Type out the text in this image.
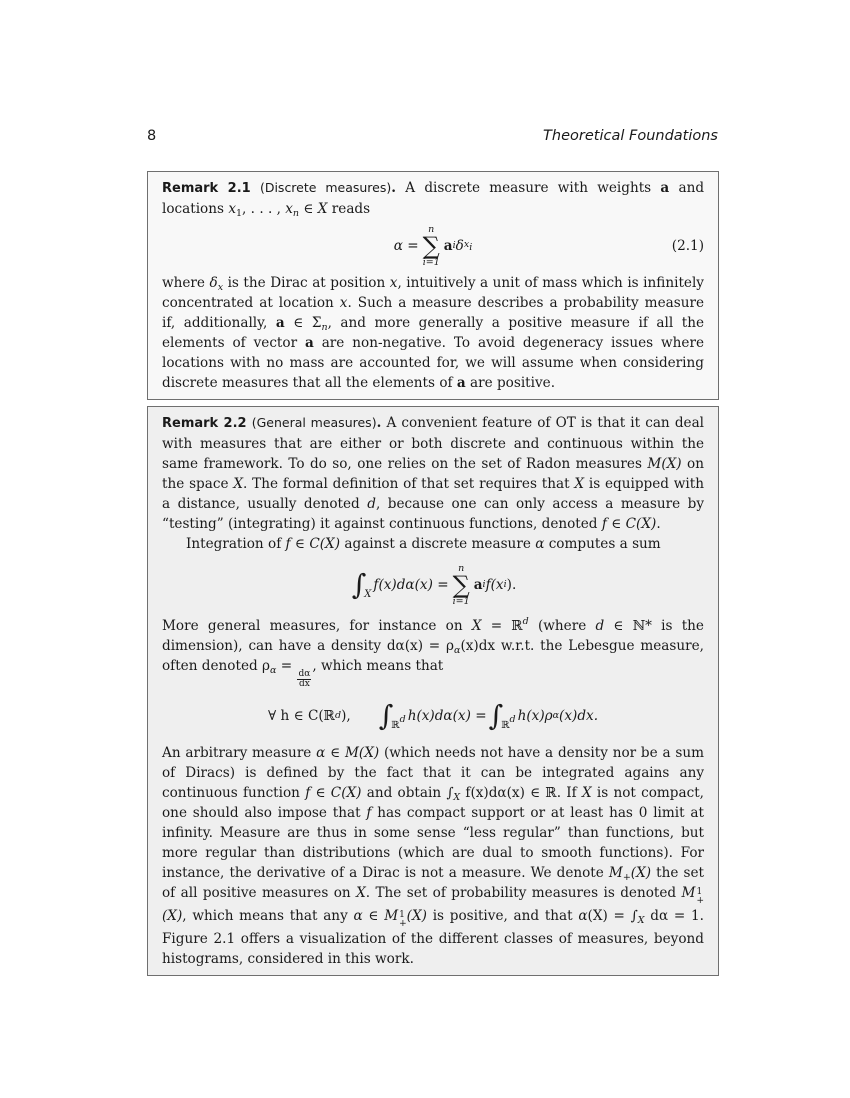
8	Theoretical Foundations

Remark 2.1 (Discrete measures). A discrete measure with weights a and locations $x_1$, . . . , $x_n$ ∈ X reads

α =
n
∑
i=1
a i δ xi	(2.1)

where $\delta_x$ is the Dirac at position x, intuitively a unit of mass which is infinitely concentrated at location x. Such a measure describes a probability measure if, additionally, a ∈ $\Sigma_n$, and more generally a positive measure if all the elements of vector a are non-negative. To avoid degeneracy issues where locations with no mass are accounted for, we will assume when considering discrete measures that all the elements of a are positive.

Remark 2.2 (General measures). A convenient feature of OT is that it can deal with measures that are either or both discrete and continuous within the same framework. To do so, one relies on the set of Radon measures M(X) on the space X. The formal definition of that set requires that X is equipped with a distance, usually denoted d, because one can only access a measure by “testing” (integrating) it against continuous functions, denoted f ∈ C(X).

Integration of f ∈ C(X) against a discrete measure α computes a sum

∫
X
f(x)dα(x) =
n
∑
i=1
a i f(x i ).

More general measures, for instance on X = ℝ$^d$ (where d ∈ ℕ* is the dimension), can have a density $d\alpha(x) = \rho_\alpha(x)dx$ w.r.t. the Lebesgue measure, often denoted $\rho_\alpha$ =
$\frac{d\alpha}{dx}$
, which means that

∀ h ∈ C(ℝ d ), ∫
ℝd h(x)dα(x) = ∫
ℝd h(x)ρ α (x)dx.

An arbitrary measure α ∈ M(X) (which needs not have a density nor be a sum of Diracs) is defined by the fact that it can be integrated agains any continuous function f ∈ C(X) and obtain $\int_X$ f(x)dα(x) ∈ ℝ. If X is not compact, one should also impose that f has compact support or at least has 0 limit at infinity. Measure are thus in some sense “less regular” than functions, but more regular than distributions (which are dual to smooth functions). For instance, the derivative of a Dirac is not a measure. We denote $M_+(X)$ the set of all positive measures on X. The set of probability measures is denoted M1
+(X), which means that any α ∈ M1
+(X) is positive, and that $\alpha(X) = \int_X$ dα = 1. Figure 2.1 offers a visualization of the different classes of measures, beyond histograms, considered in this work.
